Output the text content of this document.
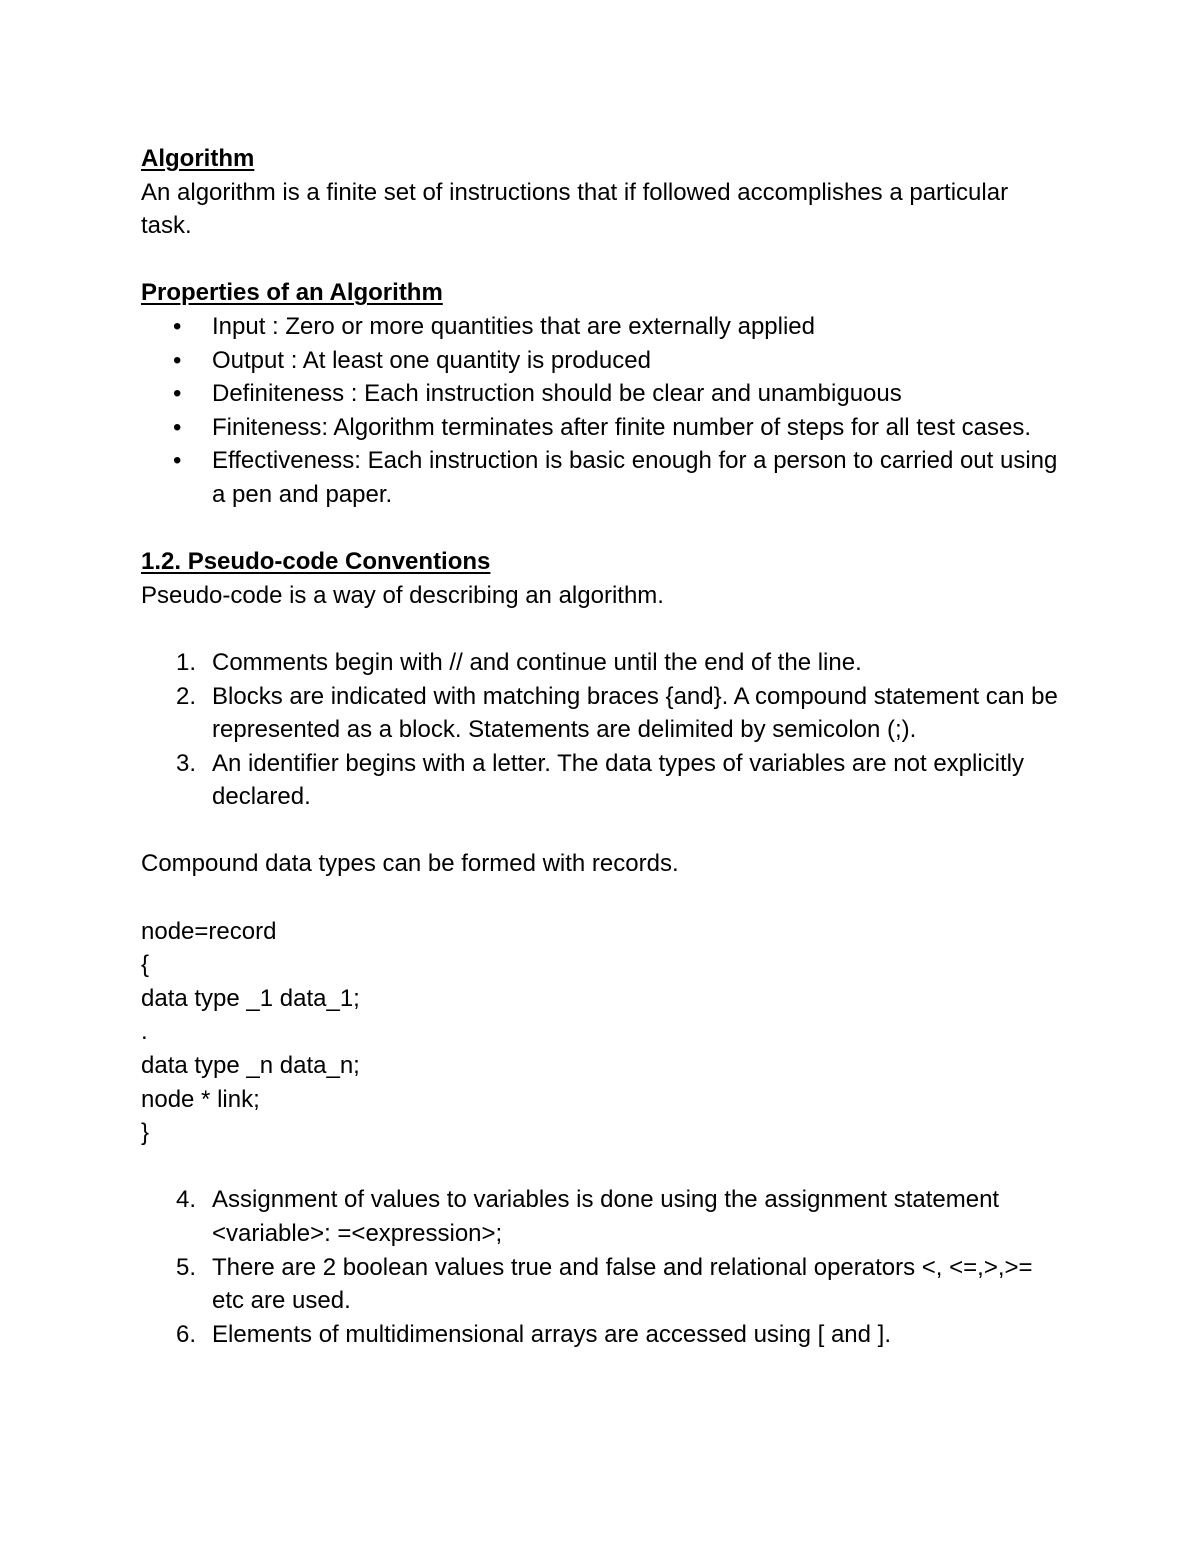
Algorithm

An algorithm is a finite set of instructions that if followed accomplishes a particular task.

Properties of an Algorithm
• Input : Zero or more quantities that are externally applied
• Output : At least one quantity is produced
• Definiteness : Each instruction should be clear and unambiguous
• Finiteness: Algorithm terminates after finite number of steps for all test cases.
• Effectiveness: Each instruction is basic enough for a person to carried out using a pen and paper.
1.2. Pseudo-code Conventions

Pseudo-code is a way of describing an algorithm.

1. Comments begin with // and continue until the end of the line.
2. Blocks are indicated with matching braces {and}. A compound statement can be represented as a block. Statements are delimited by semicolon (;).
3. An identifier begins with a letter. The data types of variables are not explicitly declared.

Compound data types can be formed with records.

node=record

{

data type _1 data_1;

.

data type _n data_n;

node * link;

}

4. Assignment of values to variables is done using the assignment statement <variable>: =<expression>;
5. There are 2 boolean values true and false and relational operators <, <=,>,>= etc are used.
6. Elements of multidimensional arrays are accessed using [ and ].
